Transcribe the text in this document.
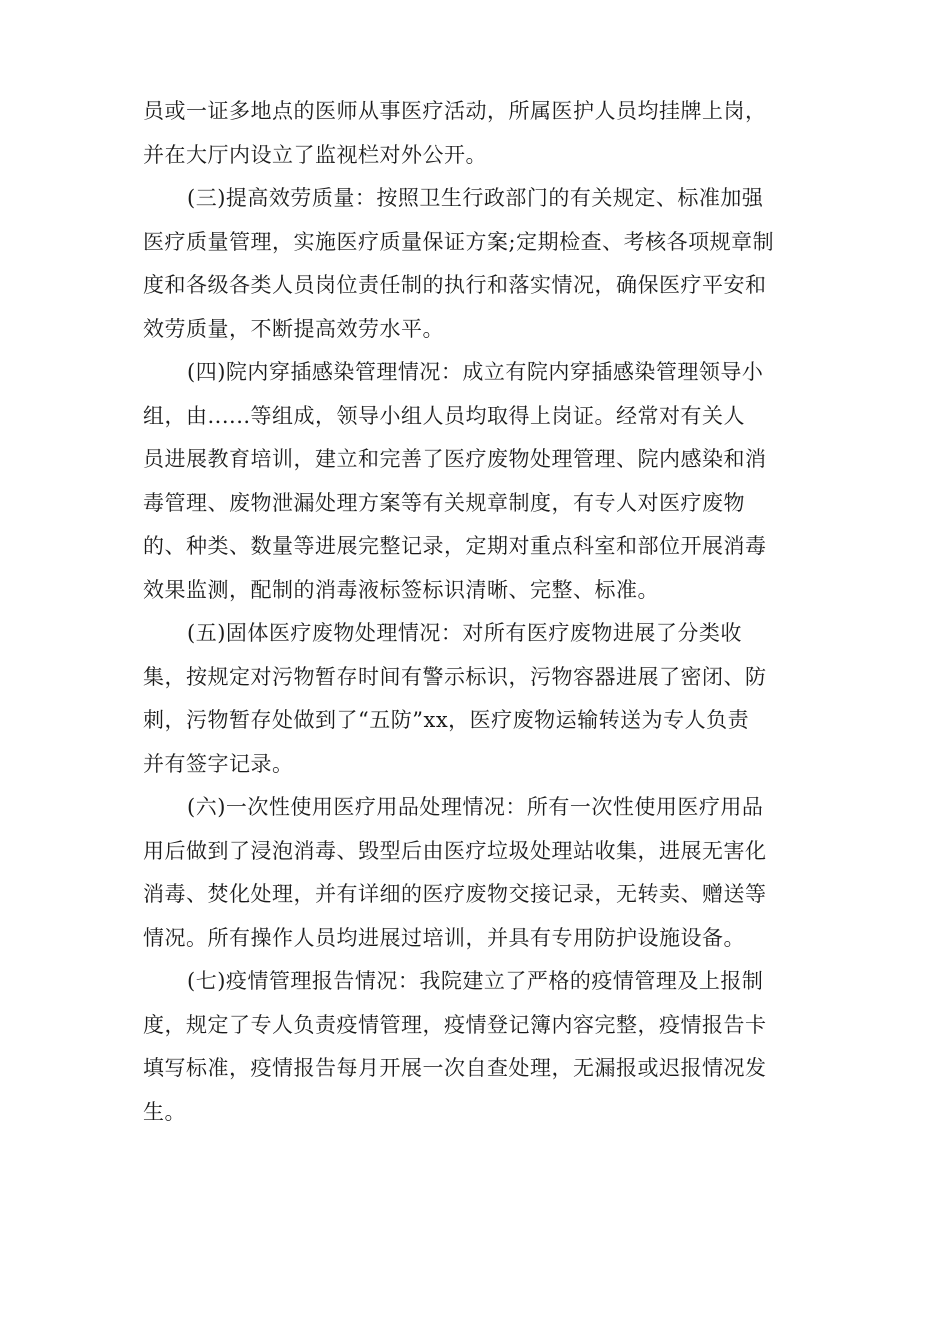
员或一证多地点的医师从事医疗活动，所属医护人员均挂牌上岗，
并在大厅内设立了监视栏对外公开。
(三)提高效劳质量：按照卫生行政部门的有关规定、标准加强
医疗质量管理，实施医疗质量保证方案;定期检查、考核各项规章制
度和各级各类人员岗位责任制的执行和落实情况，确保医疗平安和
效劳质量，不断提高效劳水平。
(四)院内穿插感染管理情况：成立有院内穿插感染管理领导小
组，由......等组成，领导小组人员均取得上岗证。经常对有关人
员进展教育培训，建立和完善了医疗废物处理管理、院内感染和消
毒管理、废物泄漏处理方案等有关规章制度，有专人对医疗废物
的、种类、数量等进展完整记录，定期对重点科室和部位开展消毒
效果监测，配制的消毒液标签标识清晰、完整、标准。
(五)固体医疗废物处理情况：对所有医疗废物进展了分类收
集，按规定对污物暂存时间有警示标识，污物容器进展了密闭、防
刺，污物暂存处做到了“五防”xx，医疗废物运输转送为专人负责
并有签字记录。
(六)一次性使用医疗用品处理情况：所有一次性使用医疗用品
用后做到了浸泡消毒、毁型后由医疗垃圾处理站收集，进展无害化
消毒、焚化处理，并有详细的医疗废物交接记录，无转卖、赠送等
情况。所有操作人员均进展过培训，并具有专用防护设施设备。
(七)疫情管理报告情况：我院建立了严格的疫情管理及上报制
度，规定了专人负责疫情管理，疫情登记簿内容完整，疫情报告卡
填写标准，疫情报告每月开展一次自查处理，无漏报或迟报情况发
生。
